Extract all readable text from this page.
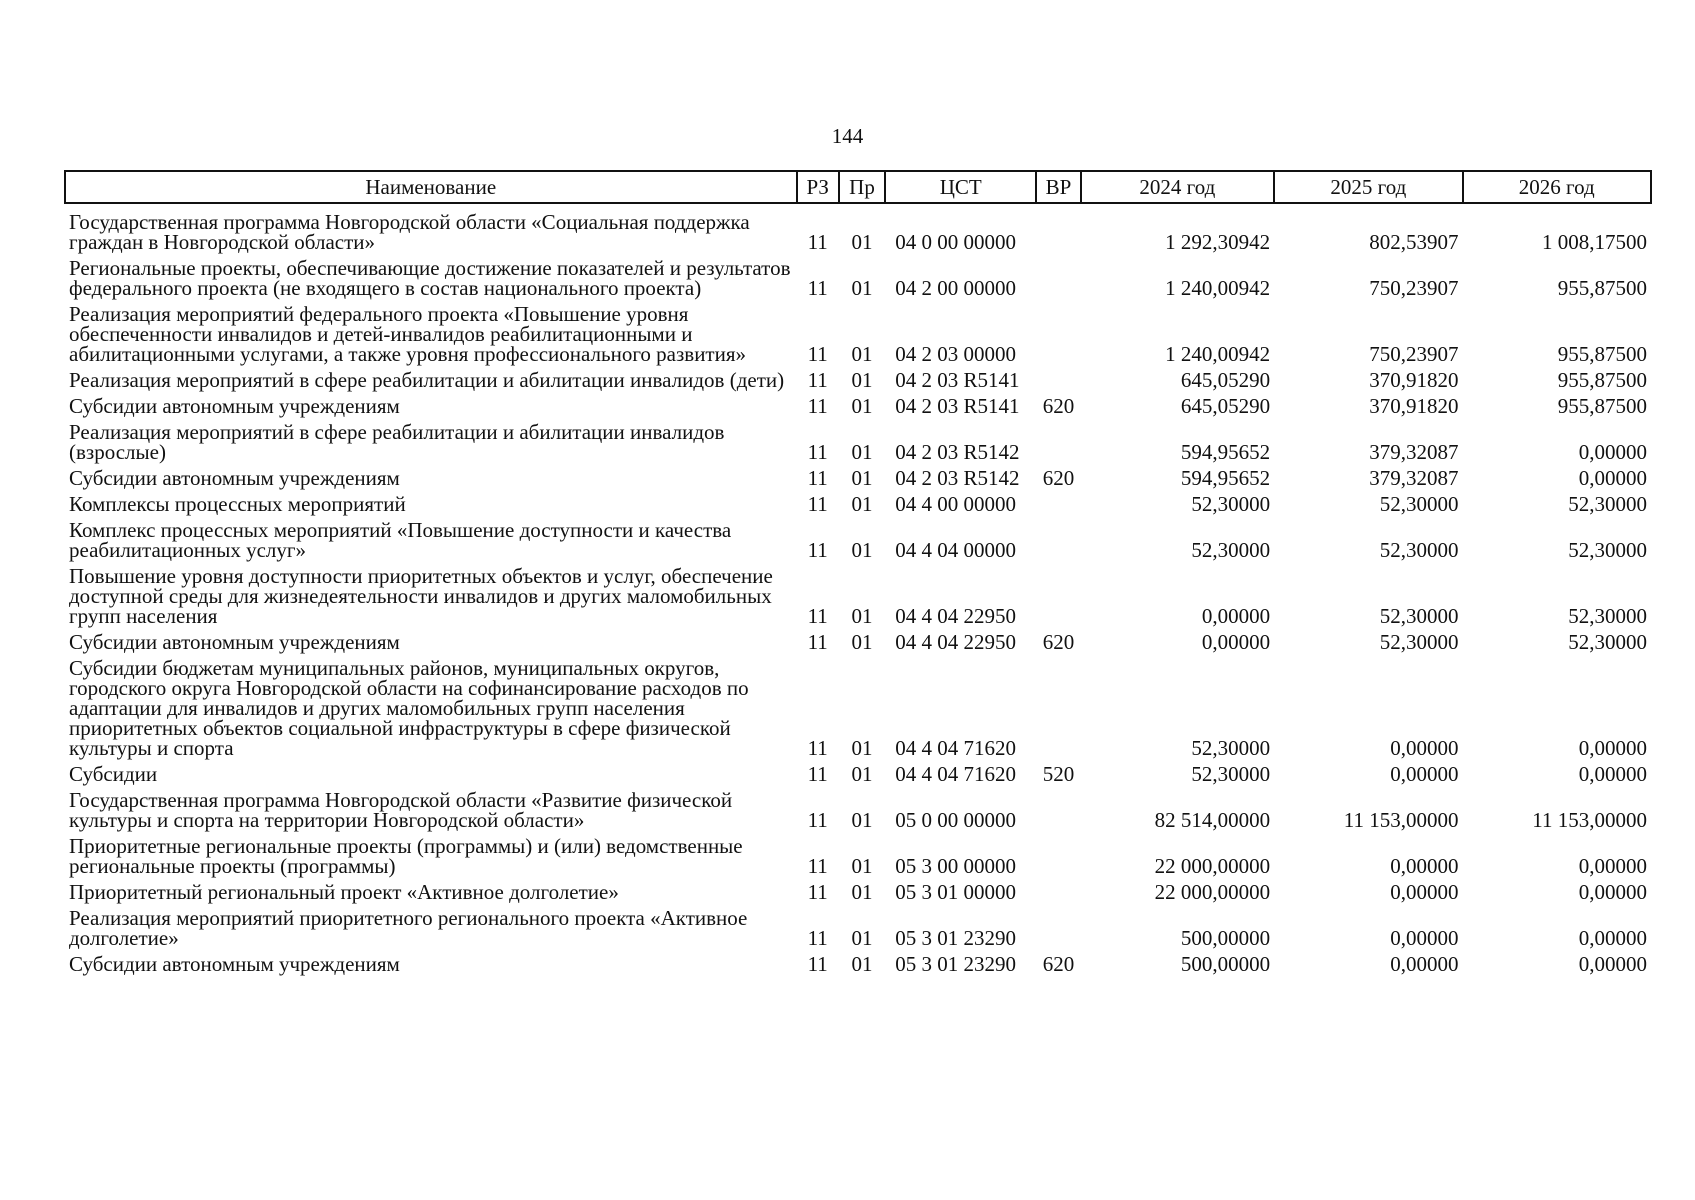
144
Наименование	РЗ	Пр	ЦСТ	ВР	2024 год	2025 год	2026 год
Государственная программа Новгородской области «Социальная поддержка граждан в Новгородской области»	11	01	04 0 00 00000		1 292,30942	802,53907	1 008,17500
Региональные проекты, обеспечивающие достижение показателей и результатов федерального проекта (не входящего в состав национального проекта)	11	01	04 2 00 00000		1 240,00942	750,23907	955,87500
Реализация мероприятий федерального проекта «Повышение уровня обеспеченности инвалидов и детей-инвалидов реабилитационными и абилитационными услугами, а также уровня профессионального развития»	11	01	04 2 03 00000		1 240,00942	750,23907	955,87500
Реализация мероприятий в сфере реабилитации и абилитации инвалидов (дети)	11	01	04 2 03 R5141		645,05290	370,91820	955,87500
Субсидии автономным учреждениям	11	01	04 2 03 R5141	620	645,05290	370,91820	955,87500
Реализация мероприятий в сфере реабилитации и абилитации инвалидов (взрослые)	11	01	04 2 03 R5142		594,95652	379,32087	0,00000
Субсидии автономным учреждениям	11	01	04 2 03 R5142	620	594,95652	379,32087	0,00000
Комплексы процессных мероприятий	11	01	04 4 00 00000		52,30000	52,30000	52,30000
Комплекс процессных мероприятий «Повышение доступности и качества реабилитационных услуг»	11	01	04 4 04 00000		52,30000	52,30000	52,30000
Повышение уровня доступности приоритетных объектов и услуг, обеспечение доступной среды для жизнедеятельности инвалидов и других маломобильных групп населения	11	01	04 4 04 22950		0,00000	52,30000	52,30000
Субсидии автономным учреждениям	11	01	04 4 04 22950	620	0,00000	52,30000	52,30000
Субсидии бюджетам муниципальных районов, муниципальных округов, городского округа Новгородской области на софинансирование расходов по адаптации для инвалидов и других маломобильных групп населения приоритетных объектов социальной инфраструктуры в сфере физической культуры и спорта	11	01	04 4 04 71620		52,30000	0,00000	0,00000
Субсидии	11	01	04 4 04 71620	520	52,30000	0,00000	0,00000
Государственная программа Новгородской области «Развитие физической культуры и спорта на территории Новгородской области»	11	01	05 0 00 00000		82 514,00000	11 153,00000	11 153,00000
Приоритетные региональные проекты (программы) и (или) ведомственные региональные проекты (программы)	11	01	05 3 00 00000		22 000,00000	0,00000	0,00000
Приоритетный региональный проект «Активное долголетие»	11	01	05 3 01 00000		22 000,00000	0,00000	0,00000
Реализация мероприятий приоритетного регионального проекта «Активное долголетие»	11	01	05 3 01 23290		500,00000	0,00000	0,00000
Субсидии автономным учреждениям	11	01	05 3 01 23290	620	500,00000	0,00000	0,00000
